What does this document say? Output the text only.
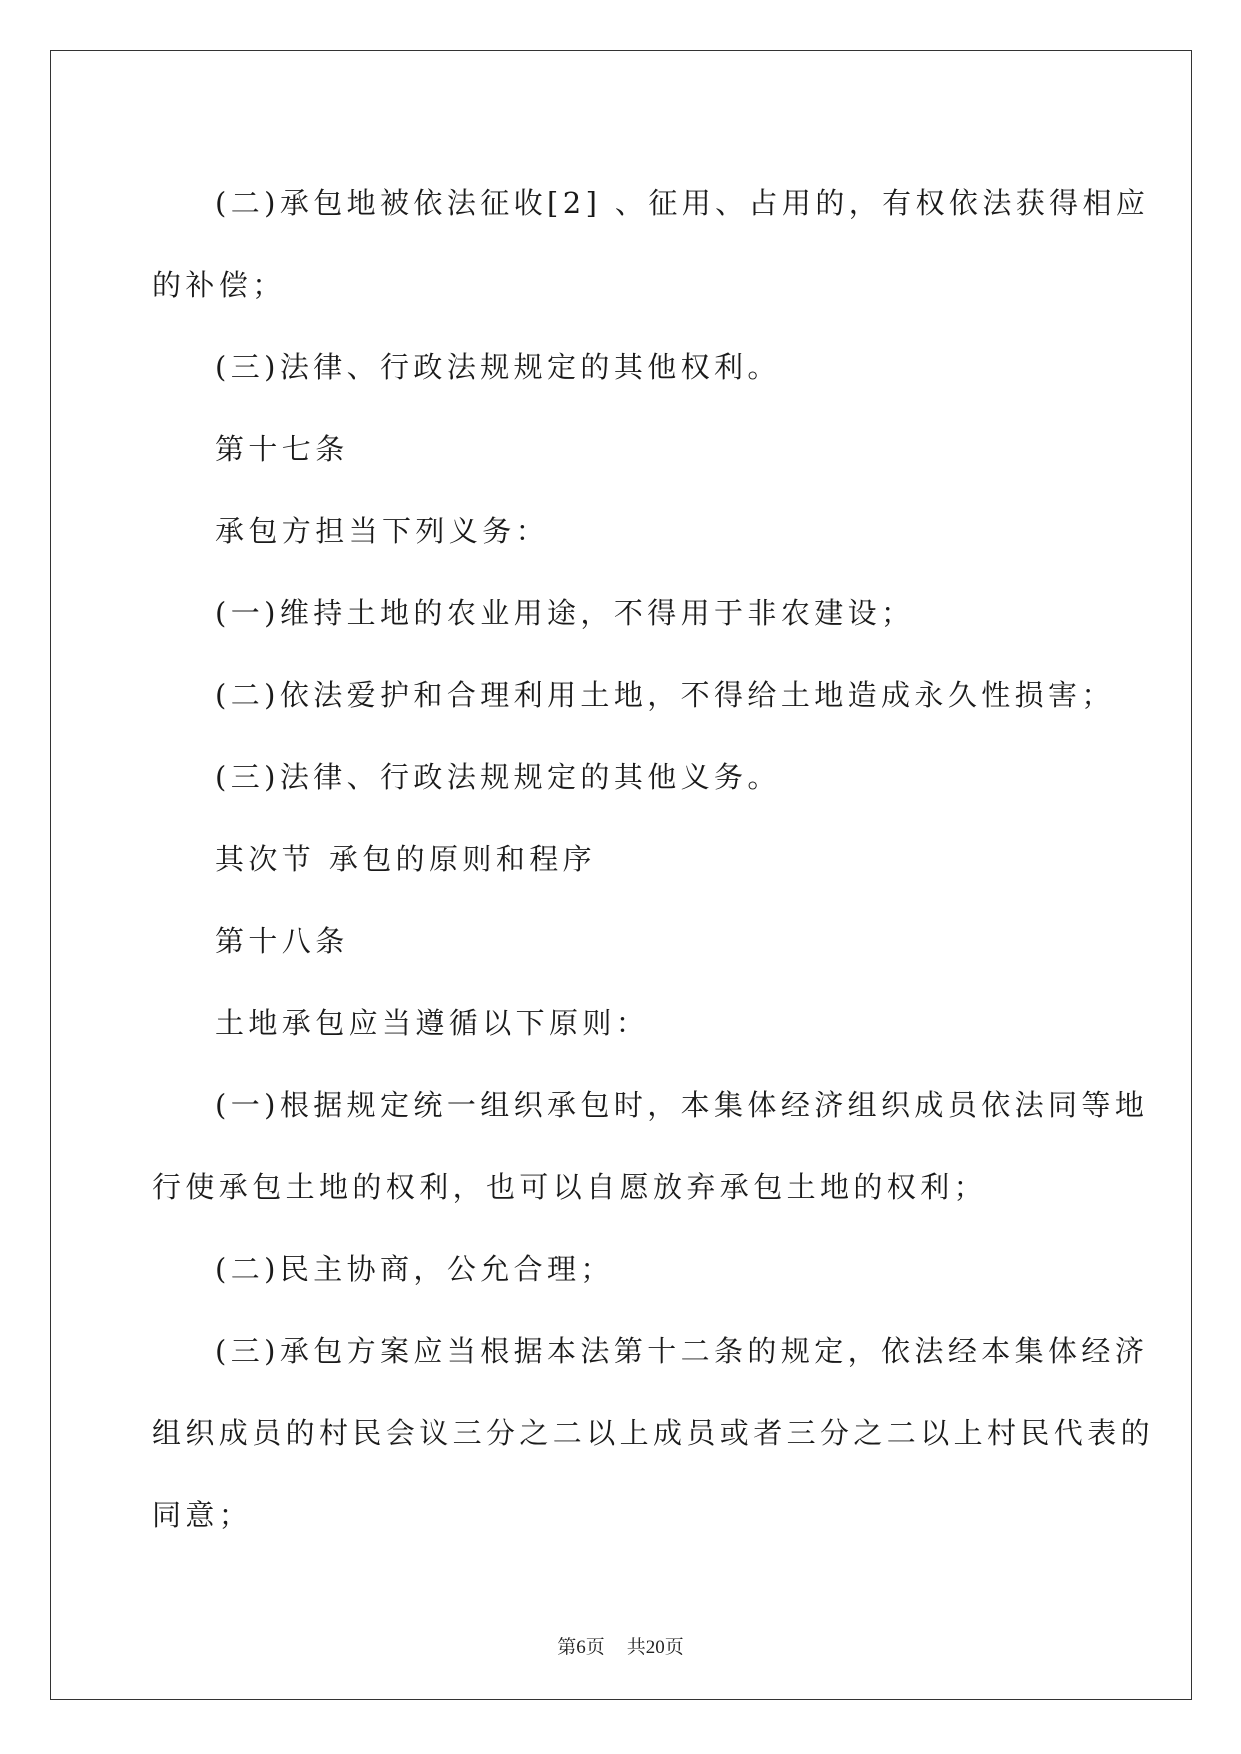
(二)承包地被依法征收[2] 、征用、占用的，有权依法获得相应
的补偿；

(三)法律、行政法规规定的其他权利。

第十七条

承包方担当下列义务：

(一)维持土地的农业用途，不得用于非农建设；

(二)依法爱护和合理利用土地，不得给土地造成永久性损害；

(三)法律、行政法规规定的其他义务。

其次节 承包的原则和程序

第十八条

土地承包应当遵循以下原则：

(一)根据规定统一组织承包时，本集体经济组织成员依法同等地
行使承包土地的权利，也可以自愿放弃承包土地的权利；

(二)民主协商，公允合理；

(三)承包方案应当根据本法第十二条的规定，依法经本集体经济
组织成员的村民会议三分之二以上成员或者三分之二以上村民代表的
同意；

第6页 共20页
